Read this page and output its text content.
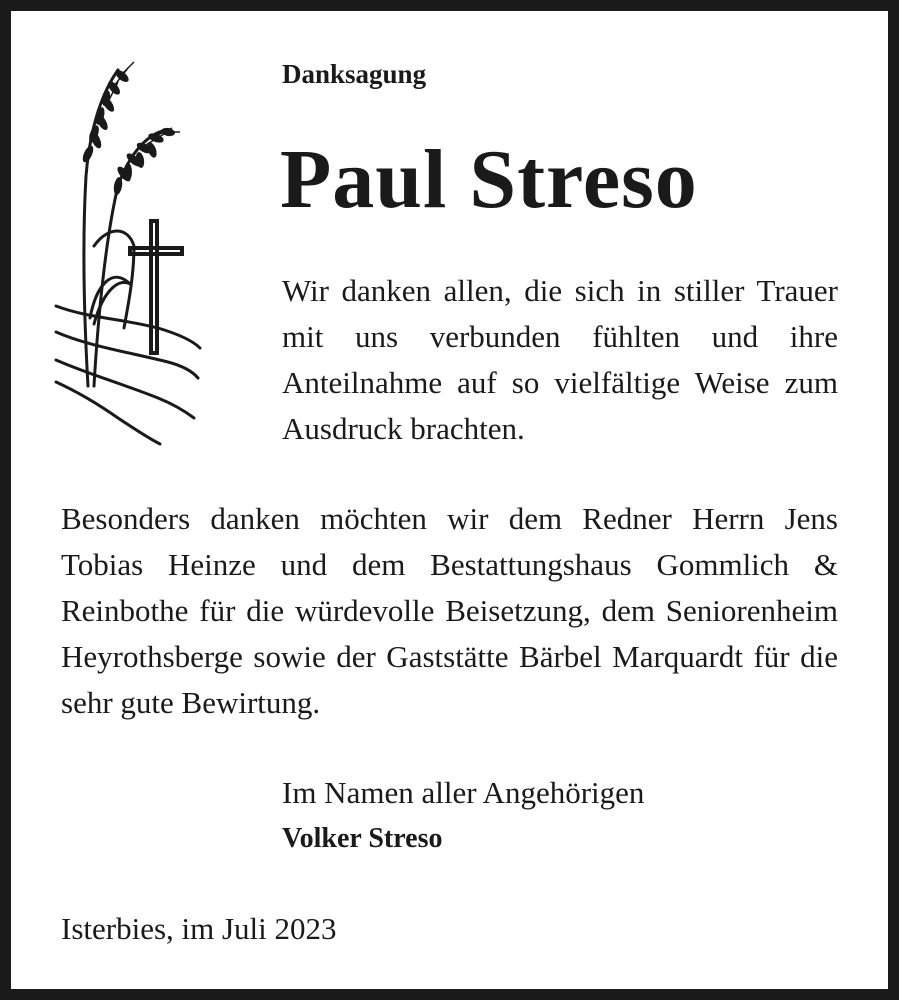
Danksagung
Paul Streso
Wir danken allen, die sich in stiller Trauer mit uns verbunden fühlten und ihre Anteilnahme auf so vielfältige Weise zum Ausdruck brachten.
Besonders danken möchten wir dem Redner Herrn Jens Tobias Heinze und dem Bestattungshaus Gommlich & Reinbothe für die würdevolle Beisetzung, dem Seniorenheim Heyrothsberge sowie der Gaststätte Bärbel Marquardt für die sehr gute Bewirtung.
Im Namen aller Angehörigen
Volker Streso
Isterbies, im Juli 2023
